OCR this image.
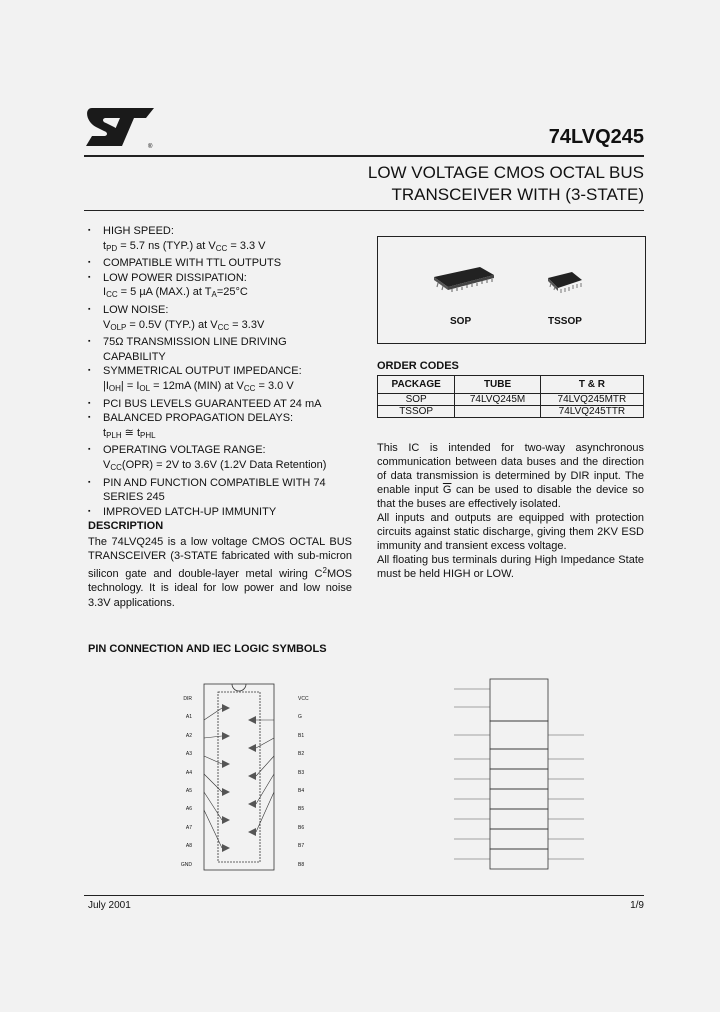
®	74LVQ245
LOW VOLTAGE CMOS OCTAL BUS
TRANSCEIVER WITH (3-STATE)
▪ HIGH SPEED:
$t_{PD} = 5.7$ ns (TYP.) at $V_{CC} = 3.3$ V
▪ COMPATIBLE WITH TTL OUTPUTS
▪ LOW POWER DISSIPATION:
$I_{CC} = 5$ µA (MAX.) at $T_A=25^\circ C$
▪ LOW NOISE:
$V_{OLP} = 0.5V$ (TYP.) at $V_{CC} = 3.3V$
▪ 75Ω TRANSMISSION LINE DRIVING CAPABILITY
▪ SYMMETRICAL OUTPUT IMPEDANCE:
$|I_{OH}| = I_{OL} = 12mA$ (MIN) at $V_{CC} = 3.0$ V
▪ PCI BUS LEVELS GUARANTEED AT 24 mA
▪ BALANCED PROPAGATION DELAYS:
$t_{PLH}$ ≅ $t_{PHL}$
▪ OPERATING VOLTAGE RANGE:
$V_{CC}(OPR) = 2V$ to 3.6V (1.2V Data Retention)
▪ PIN AND FUNCTION COMPATIBLE WITH 74 SERIES 245
▪ IMPROVED LATCH-UP IMMUNITY
DESCRIPTION
The 74LVQ245 is a low voltage CMOS OCTAL BUS TRANSCEIVER (3-STATE fabricated with sub-micron silicon gate and double-layer metal wiring $C^2MOS$ technology. It is ideal for low power and low noise 3.3V applications.
SOP	TSSOP
ORDER CODES
PACKAGE	TUBE	T & R
SOP	74LVQ245M	74LVQ245MTR
TSSOP		74LVQ245TTR
This IC is intended for two-way asynchronous communication between data buses and the direction of data transmission is determined by DIR input. The enable input $\overline{G}$ can be used to disable the device so that the buses are effectively isolated.
All inputs and outputs are equipped with protection circuits against static discharge, giving them 2KV ESD immunity and transient excess voltage.
All floating bus terminals during High Impedance State must be held HIGH or LOW.
PIN CONNECTION AND IEC LOGIC SYMBOLS
DIR
A1
A2
A3
A4
A5
A6
A7
A8
GND
VCC
G
B1
B2
B3
B4
B5
B6
B7
B8
July 2001	1/9
